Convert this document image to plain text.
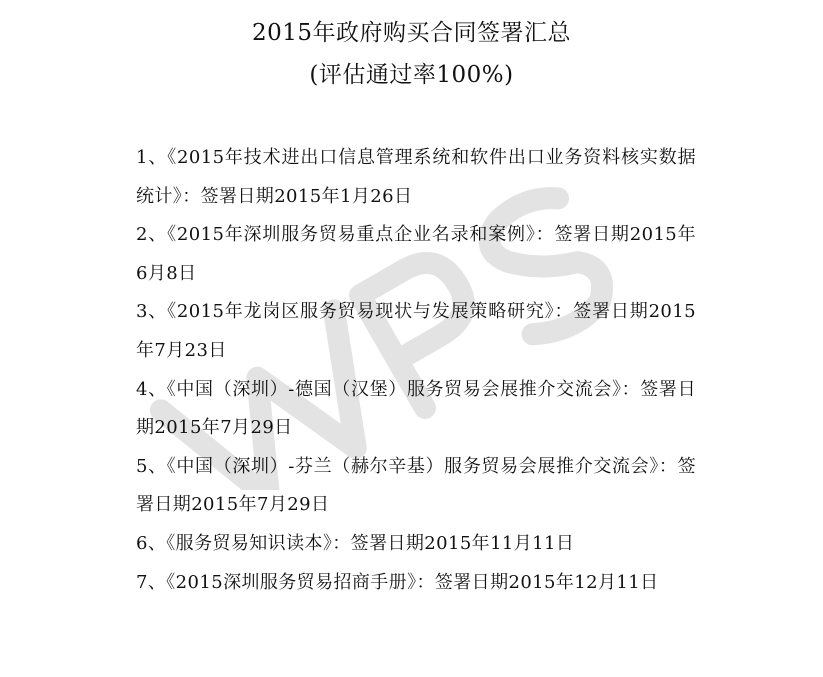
2015年政府购买合同签署汇总
(评估通过率100%)
1、《2015年技术进出口信息管理系统和软件出口业务资料核实数据统计》：签署日期2015年1月26日
2、《2015年深圳服务贸易重点企业名录和案例》：签署日期2015年6月8日
3、《2015年龙岗区服务贸易现状与发展策略研究》：签署日期2015年7月23日
4、《中国（深圳）-德国（汉堡）服务贸易会展推介交流会》：签署日期2015年7月29日
5、《中国（深圳）-芬兰（赫尔辛基）服务贸易会展推介交流会》：签署日期2015年7月29日
6、《服务贸易知识读本》：签署日期2015年11月11日
7、《2015深圳服务贸易招商手册》：签署日期2015年12月11日
